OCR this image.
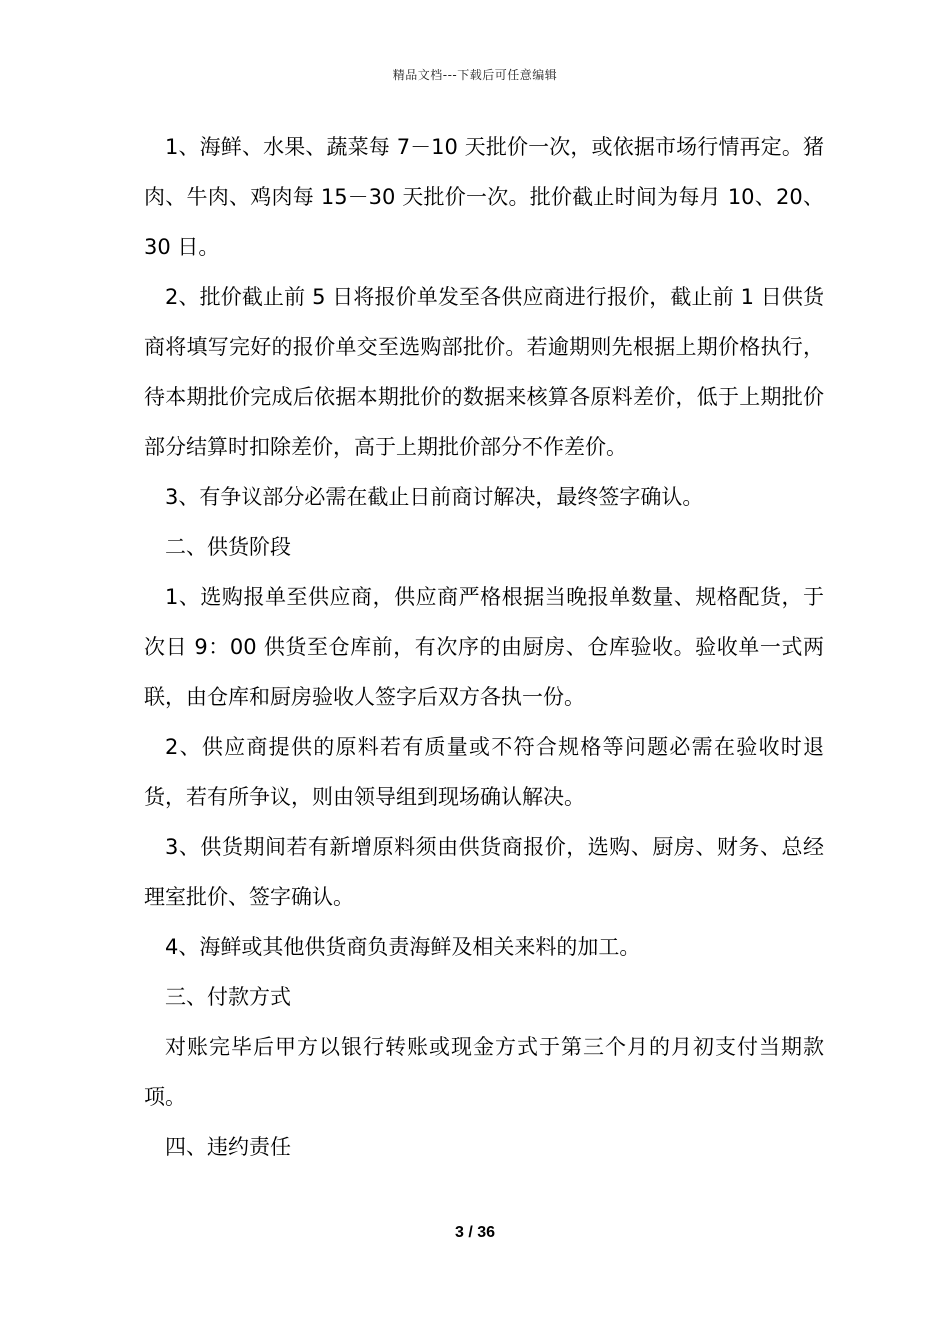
精品文档---下载后可任意编辑

1、海鲜、水果、蔬菜每 7－10 天批价一次，或依据市场行情再定。猪肉、牛肉、鸡肉每 15－30 天批价一次。批价截止时间为每月 10、20、30 日。

2、批价截止前 5 日将报价单发至各供应商进行报价，截止前 1 日供货商将填写完好的报价单交至选购部批价。若逾期则先根据上期价格执行，待本期批价完成后依据本期批价的数据来核算各原料差价，低于上期批价部分结算时扣除差价，高于上期批价部分不作差价。

3、有争议部分必需在截止日前商讨解决，最终签字确认。

二、供货阶段

1、选购报单至供应商，供应商严格根据当晚报单数量、规格配货，于次日 9：00 供货至仓库前，有次序的由厨房、仓库验收。验收单一式两联，由仓库和厨房验收人签字后双方各执一份。

2、供应商提供的原料若有质量或不符合规格等问题必需在验收时退货，若有所争议，则由领导组到现场确认解决。

3、供货期间若有新增原料须由供货商报价，选购、厨房、财务、总经理室批价、签字确认。

4、海鲜或其他供货商负责海鲜及相关来料的加工。

三、付款方式

对账完毕后甲方以银行转账或现金方式于第三个月的月初支付当期款项。

四、违约责任

3 / 36
